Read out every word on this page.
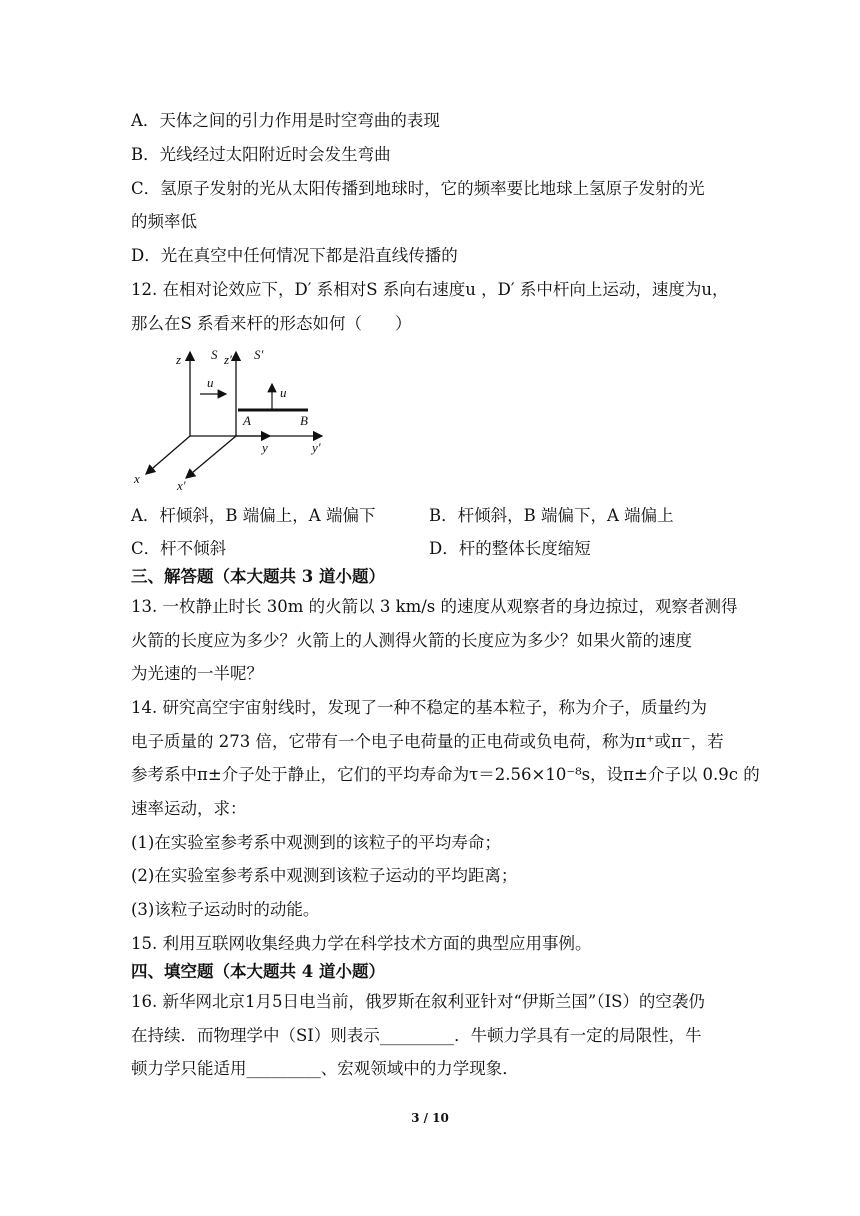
A．天体之间的引力作用是时空弯曲的表现
B．光线经过太阳附近时会发生弯曲
C．氢原子发射的光从太阳传播到地球时，它的频率要比地球上氢原子发射的光
的频率低
D．光在真空中任何情况下都是沿直线传播的
12. 在相对论效应下，D′ 系相对S 系向右速度u ，D′ 系中杆向上运动，速度为u，
那么在S 系看来杆的形态如何（　　）
z S z′ S′
u
u
A	B
y	y′
x	x′
A．杆倾斜，B 端偏上，A 端偏下	B．杆倾斜，B 端偏下，A 端偏上
C．杆不倾斜	D．杆的整体长度缩短
三、解答题（本大题共 3 道小题）
13. 一枚静止时长 30m 的火箭以 3 km/s 的速度从观察者的身边掠过，观察者测得
火箭的长度应为多少？火箭上的人测得火箭的长度应为多少？如果火箭的速度
为光速的一半呢？
14. 研究高空宇宙射线时，发现了一种不稳定的基本粒子，称为介子，质量约为
电子质量的 273 倍，它带有一个电子电荷量的正电荷或负电荷，称为π⁺或π⁻，若
参考系中π±介子处于静止，它们的平均寿命为τ＝2.56×10⁻⁸s，设π±介子以 0.9c 的
速率运动，求：
(1)在实验室参考系中观测到的该粒子的平均寿命；
(2)在实验室参考系中观测到该粒子运动的平均距离；
(3)该粒子运动时的动能。
15. 利用互联网收集经典力学在科学技术方面的典型应用事例。
四、填空题（本大题共 4 道小题）
16. 新华网北京1月5日电当前，俄罗斯在叙利亚针对“伊斯兰国”（IS）的空袭仍
在持续．而物理学中（SI）则表示_________．牛顿力学具有一定的局限性，牛
顿力学只能适用_________、宏观领域中的力学现象．
3 / 10
